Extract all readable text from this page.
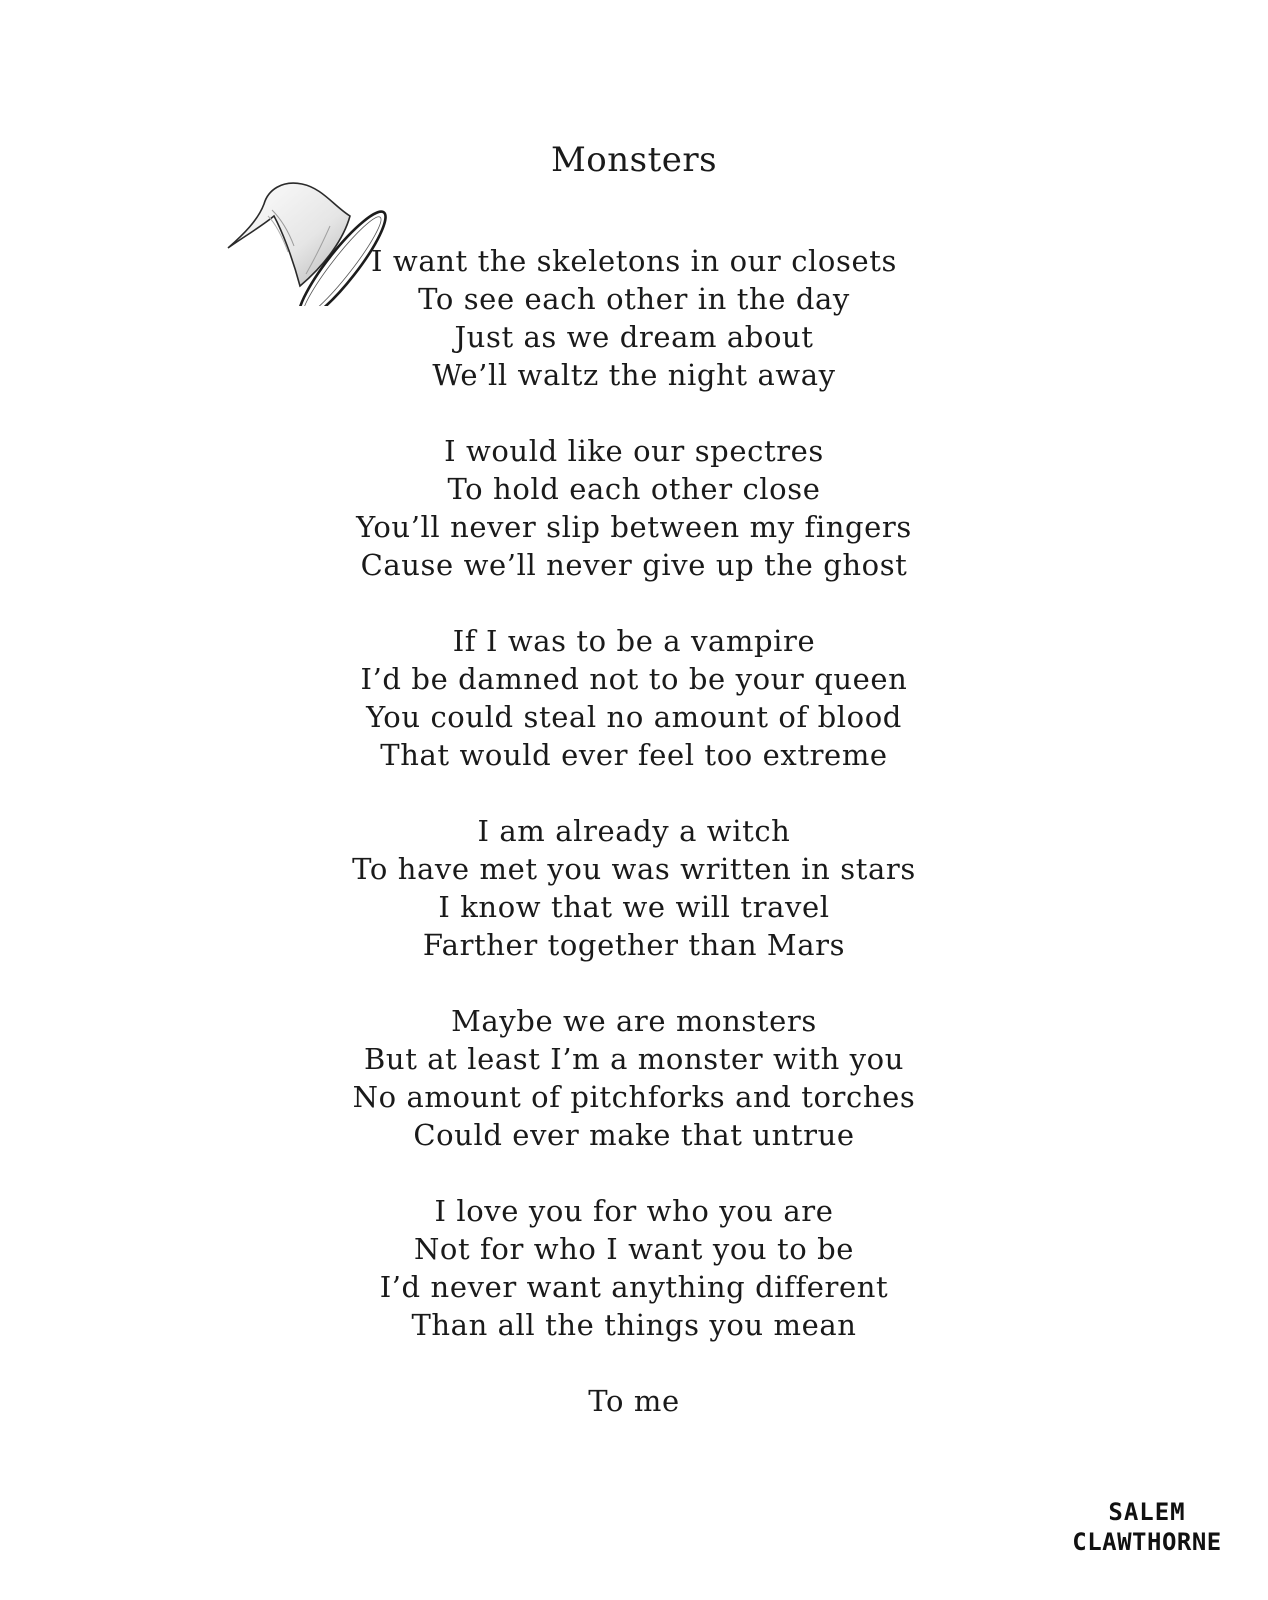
Monsters
I want the skeletons in our closets
To see each other in the day
Just as we dream about
We’ll waltz the night away
I would like our spectres
To hold each other close
You’ll never slip between my fingers
Cause we’ll never give up the ghost
If I was to be a vampire
I’d be damned not to be your queen
You could steal no amount of blood
That would ever feel too extreme
I am already a witch
To have met you was written in stars
I know that we will travel
Farther together than Mars
Maybe we are monsters
But at least I’m a monster with you
No amount of pitchforks and torches
Could ever make that untrue
I love you for who you are
Not for who I want you to be
I’d never want anything different
Than all the things you mean
To me
SALEM
CLAWTHORNE
